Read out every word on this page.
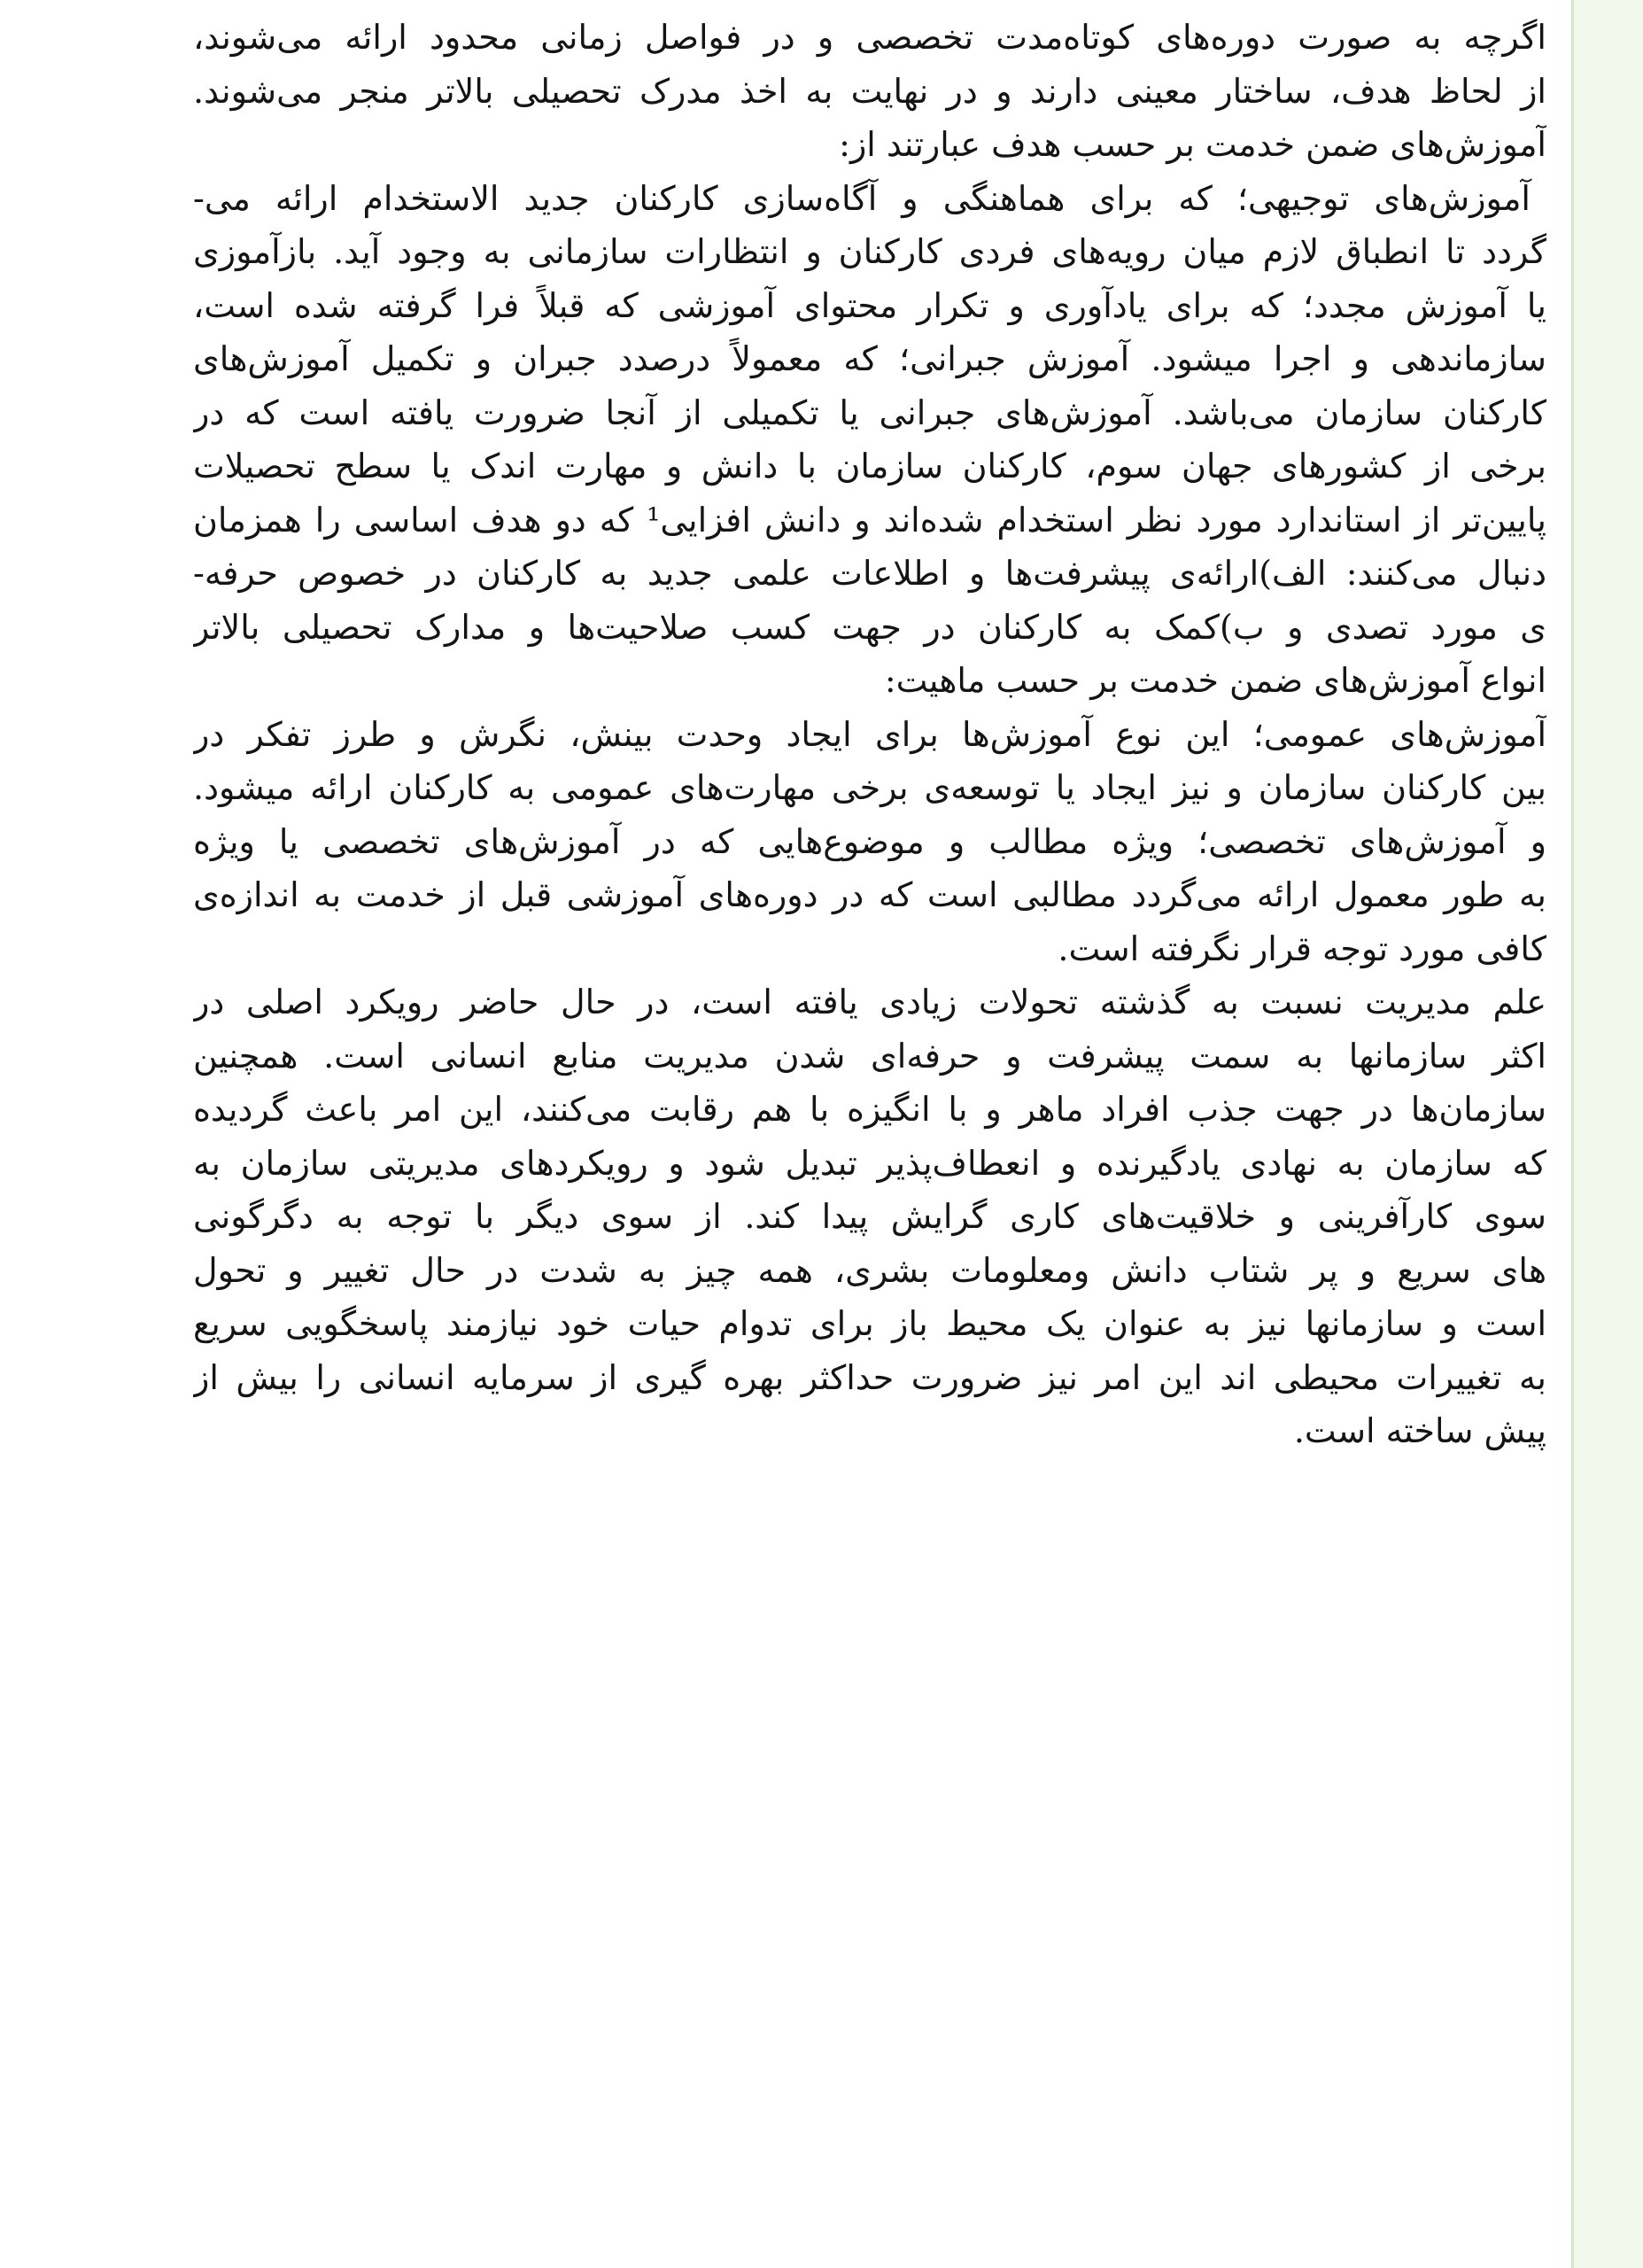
اگرچه به صورت دوره‌های کوتاه‌مدت تخصصی و در فواصل زمانی محدود ارائه می‌شوند،
از لحاظ هدف، ساختار معینی دارند و در نهایت به اخذ مدرک تحصیلی بالاتر منجر می‌شوند.
آموزش‌های ضمن خدمت بر حسب هدف عبارتند از:
آموزش‌های توجیهی؛ که برای هماهنگی و آگاه‌سازی کارکنان جدید الاستخدام ارائه می-
گردد تا انطباق لازم میان رویه‌های فردی کارکنان و انتظارات سازمانی به وجود آید. بازآموزی
یا آموزش مجدد؛ که برای یادآوری و تکرار محتوای آموزشی که قبلاً فرا گرفته شده است،
سازماندهی و اجرا میشود. آموزش جبرانی؛ که معمولاً درصدد جبران و تکمیل آموزش‌های
کارکنان سازمان می‌باشد. آموزش‌های جبرانی یا تکمیلی از آنجا ضرورت یافته است که در
برخی از کشورهای جهان سوم، کارکنان سازمان با دانش و مهارت اندک یا سطح تحصیلات
پایین‌تر از استاندارد مورد نظر استخدام شده‌اند و دانش افزایی¹ که دو هدف اساسی را همزمان
دنبال می‌کنند: الف)ارائه‌ی پیشرفت‌ها و اطلاعات علمی جدید به کارکنان در خصوص حرفه-
ی مورد تصدی و ب)کمک به کارکنان در جهت کسب صلاحیت‌ها و مدارک تحصیلی بالاتر
انواع آموزش‌های ضمن خدمت بر حسب ماهیت:
آموزش‌های عمومی؛ این نوع آموزش‌ها برای ایجاد وحدت بینش، نگرش و طرز تفکر در
بین کارکنان سازمان و نیز ایجاد یا توسعه‌ی برخی مهارت‌های عمومی به کارکنان ارائه میشود.
و آموزش‌های تخصصی؛ ویژه مطالب و موضوع‌هایی که در آموزش‌های تخصصی یا ویژه
به طور معمول ارائه می‌گردد مطالبی است که در دوره‌های آموزشی قبل از خدمت به اندازه‌ی
کافی مورد توجه قرار نگرفته است.
علم مدیریت نسبت به گذشته تحولات زیادی یافته است، در حال حاضر رویکرد اصلی در
اکثر سازمانها به سمت پیشرفت و حرفه‌ای شدن مدیریت منابع انسانی است. همچنین
سازمان‌ها در جهت جذب افراد ماهر و با انگیزه با هم رقابت می‌کنند، این امر باعث گردیده
که سازمان به نهادی یادگیرنده و انعطاف‌پذیر تبدیل شود و رویکردهای مدیریتی سازمان به
سوی کارآفرینی و خلاقیت‌های کاری گرایش پیدا کند. از سوی دیگر با توجه به دگرگونی
های سریع و پر شتاب دانش ومعلومات بشری، همه چیز به شدت در حال تغییر و تحول
است و سازمانها نیز به عنوان یک محیط باز برای تدوام حیات خود نیازمند پاسخگویی سریع
به تغییرات محیطی اند این امر نیز ضرورت حداکثر بهره گیری از سرمایه انسانی را بیش از
پیش ساخته است.
